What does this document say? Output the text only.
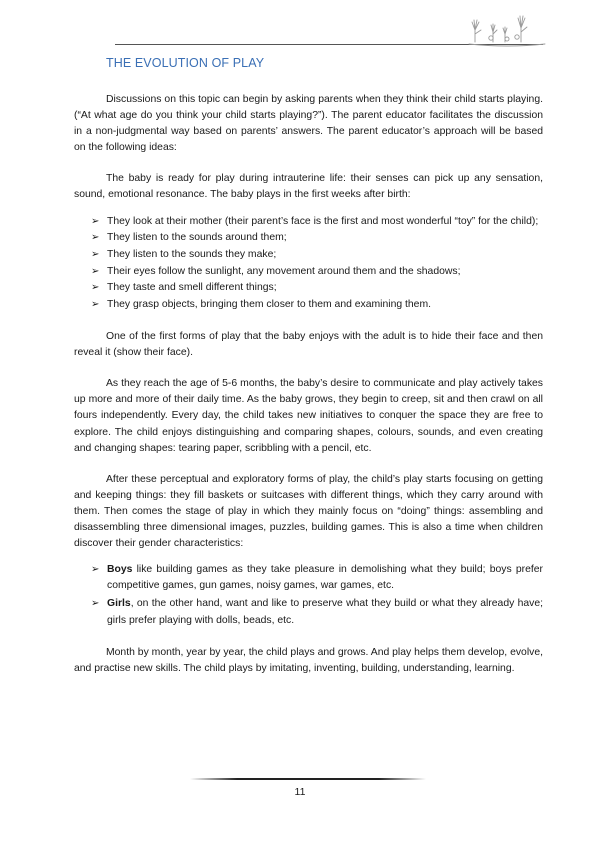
THE EVOLUTION OF PLAY

Discussions on this topic can begin by asking parents when they think their child starts playing. (“At what age do you think your child starts playing?”). The parent educator facilitates the discussion in a non-judgmental way based on parents’ answers. The parent educator’s approach will be based on the following ideas:

The baby is ready for play during intrauterine life: their senses can pick up any sensation, sound, emotional resonance. The baby plays in the first weeks after birth:

➢ They look at their mother (their parent’s face is the first and most wonderful “toy” for the child);
➢ They listen to the sounds around them;
➢ They listen to the sounds they make;
➢ Their eyes follow the sunlight, any movement around them and the shadows;
➢ They taste and smell different things;
➢ They grasp objects, bringing them closer to them and examining them.

One of the first forms of play that the baby enjoys with the adult is to hide their face and then reveal it (show their face).

As they reach the age of 5-6 months, the baby’s desire to communicate and play actively takes up more and more of their daily time. As the baby grows, they begin to creep, sit and then crawl on all fours independently. Every day, the child takes new initiatives to conquer the space they are free to explore. The child enjoys distinguishing and comparing shapes, colours, sounds, and even creating and changing shapes: tearing paper, scribbling with a pencil, etc.

After these perceptual and exploratory forms of play, the child’s play starts focusing on getting and keeping things: they fill baskets or suitcases with different things, which they carry around with them. Then comes the stage of play in which they mainly focus on “doing” things: assembling and disassembling three dimensional images, puzzles, building games. This is also a time when children discover their gender characteristics:

➢ Boys like building games as they take pleasure in demolishing what they build; boys prefer competitive games, gun games, noisy games, war games, etc.
➢ Girls, on the other hand, want and like to preserve what they build or what they already have; girls prefer playing with dolls, beads, etc.

Month by month, year by year, the child plays and grows. And play helps them develop, evolve, and practise new skills. The child plays by imitating, inventing, building, understanding, learning.

11
